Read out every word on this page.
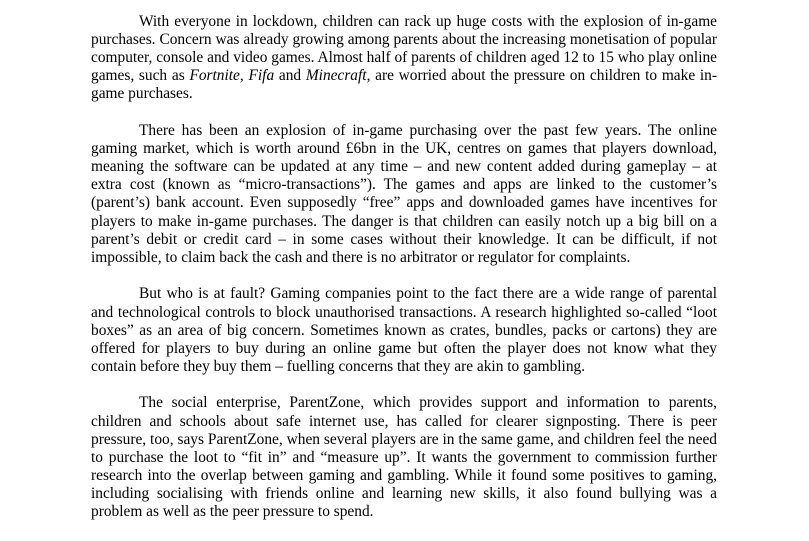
With everyone in lockdown, children can rack up huge costs with the explosion of in-game purchases. Concern was already growing among parents about the increasing monetisation of popular computer, console and video games. Almost half of parents of children aged 12 to 15 who play online games, such as Fortnite, Fifa and Minecraft, are worried about the pressure on children to make in-game purchases.

There has been an explosion of in-game purchasing over the past few years. The online gaming market, which is worth around £6bn in the UK, centres on games that players download, meaning the software can be updated at any time – and new content added during gameplay – at extra cost (known as “micro-transactions”). The games and apps are linked to the customer’s (parent’s) bank account. Even supposedly “free” apps and downloaded games have incentives for players to make in-game purchases. The danger is that children can easily notch up a big bill on a parent’s debit or credit card – in some cases without their knowledge. It can be difficult, if not impossible, to claim back the cash and there is no arbitrator or regulator for complaints.

But who is at fault? Gaming companies point to the fact there are a wide range of parental and technological controls to block unauthorised transactions. A research highlighted so-called “loot boxes” as an area of big concern. Sometimes known as crates, bundles, packs or cartons) they are offered for players to buy during an online game but often the player does not know what they contain before they buy them – fuelling concerns that they are akin to gambling.

The social enterprise, ParentZone, which provides support and information to parents, children and schools about safe internet use, has called for clearer signposting. There is peer pressure, too, says ParentZone, when several players are in the same game, and children feel the need to purchase the loot to “fit in” and “measure up”. It wants the government to commission further research into the overlap between gaming and gambling. While it found some positives to gaming, including socialising with friends online and learning new skills, it also found bullying was a problem as well as the peer pressure to spend.
